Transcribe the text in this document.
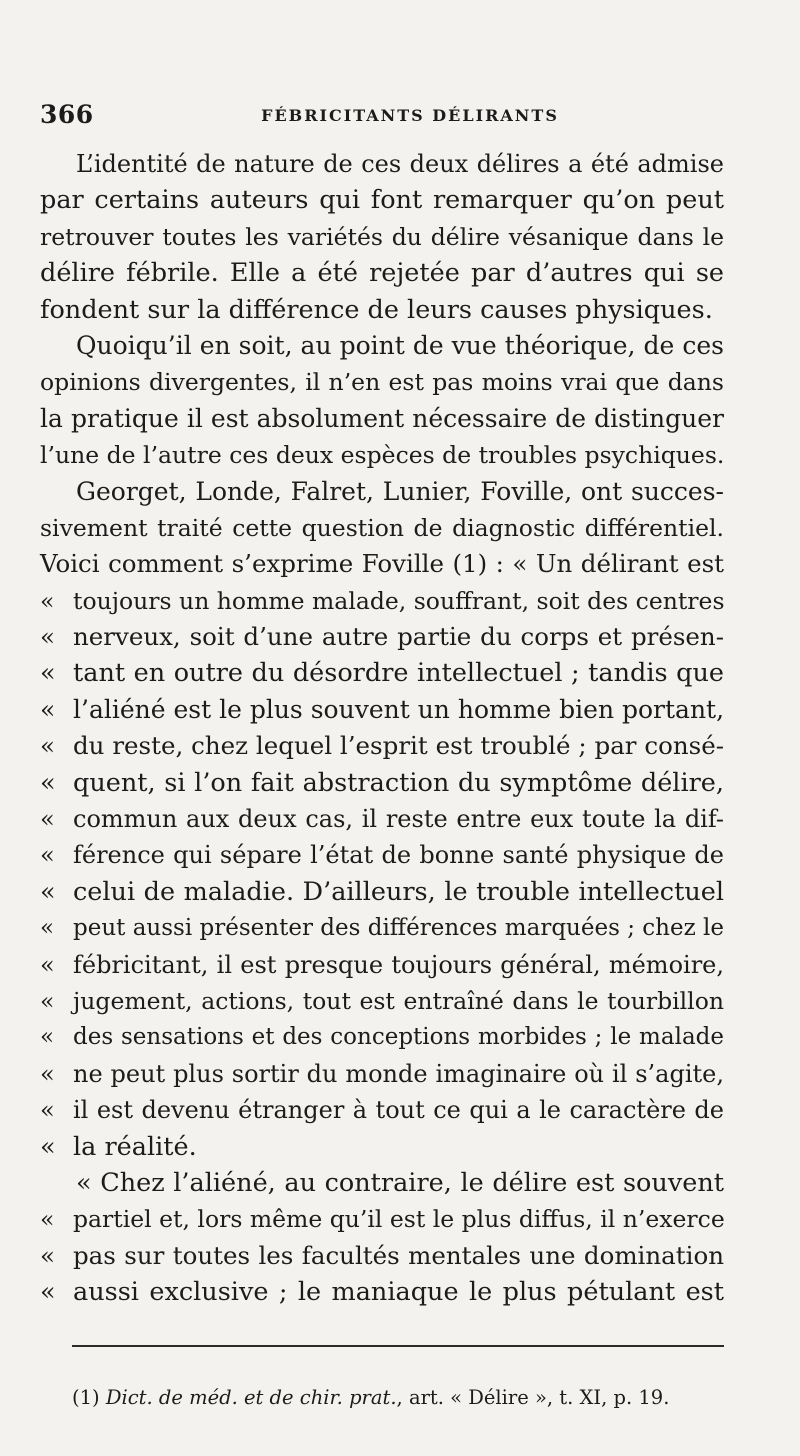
366	FÉBRICITANTS DÉLIRANTS
L’identité de nature de ces deux délires a été admise
par certains auteurs qui font remarquer qu’on peut
retrouver toutes les variétés du délire vésanique dans le
délire fébrile. Elle a été rejetée par d’autres qui se
fondent sur la différence de leurs causes physiques.
Quoiqu’il en soit, au point de vue théorique, de ces
opinions divergentes, il n’en est pas moins vrai que dans
la pratique il est absolument nécessaire de distinguer
l’une de l’autre ces deux espèces de troubles psychiques.
Georget, Londe, Falret, Lunier, Foville, ont succes-
sivement traité cette question de diagnostic différentiel.
Voici comment s’exprime Foville (1) : « Un délirant est
« toujours un homme malade, souffrant, soit des centres
« nerveux, soit d’une autre partie du corps et présen-
« tant en outre du désordre intellectuel ; tandis que
« l’aliéné est le plus souvent un homme bien portant,
« du reste, chez lequel l’esprit est troublé ; par consé-
« quent, si l’on fait abstraction du symptôme délire,
« commun aux deux cas, il reste entre eux toute la dif-
« férence qui sépare l’état de bonne santé physique de
« celui de maladie. D’ailleurs, le trouble intellectuel
« peut aussi présenter des différences marquées ; chez le
« fébricitant, il est presque toujours général, mémoire,
« jugement, actions, tout est entraîné dans le tourbillon
« des sensations et des conceptions morbides ; le malade
« ne peut plus sortir du monde imaginaire où il s’agite,
« il est devenu étranger à tout ce qui a le caractère de
« la réalité.
« Chez l’aliéné, au contraire, le délire est souvent
« partiel et, lors même qu’il est le plus diffus, il n’exerce
« pas sur toutes les facultés mentales une domination
« aussi exclusive ; le maniaque le plus pétulant est
(1) Dict. de méd. et de chir. prat., art. « Délire », t. XI, p. 19.
